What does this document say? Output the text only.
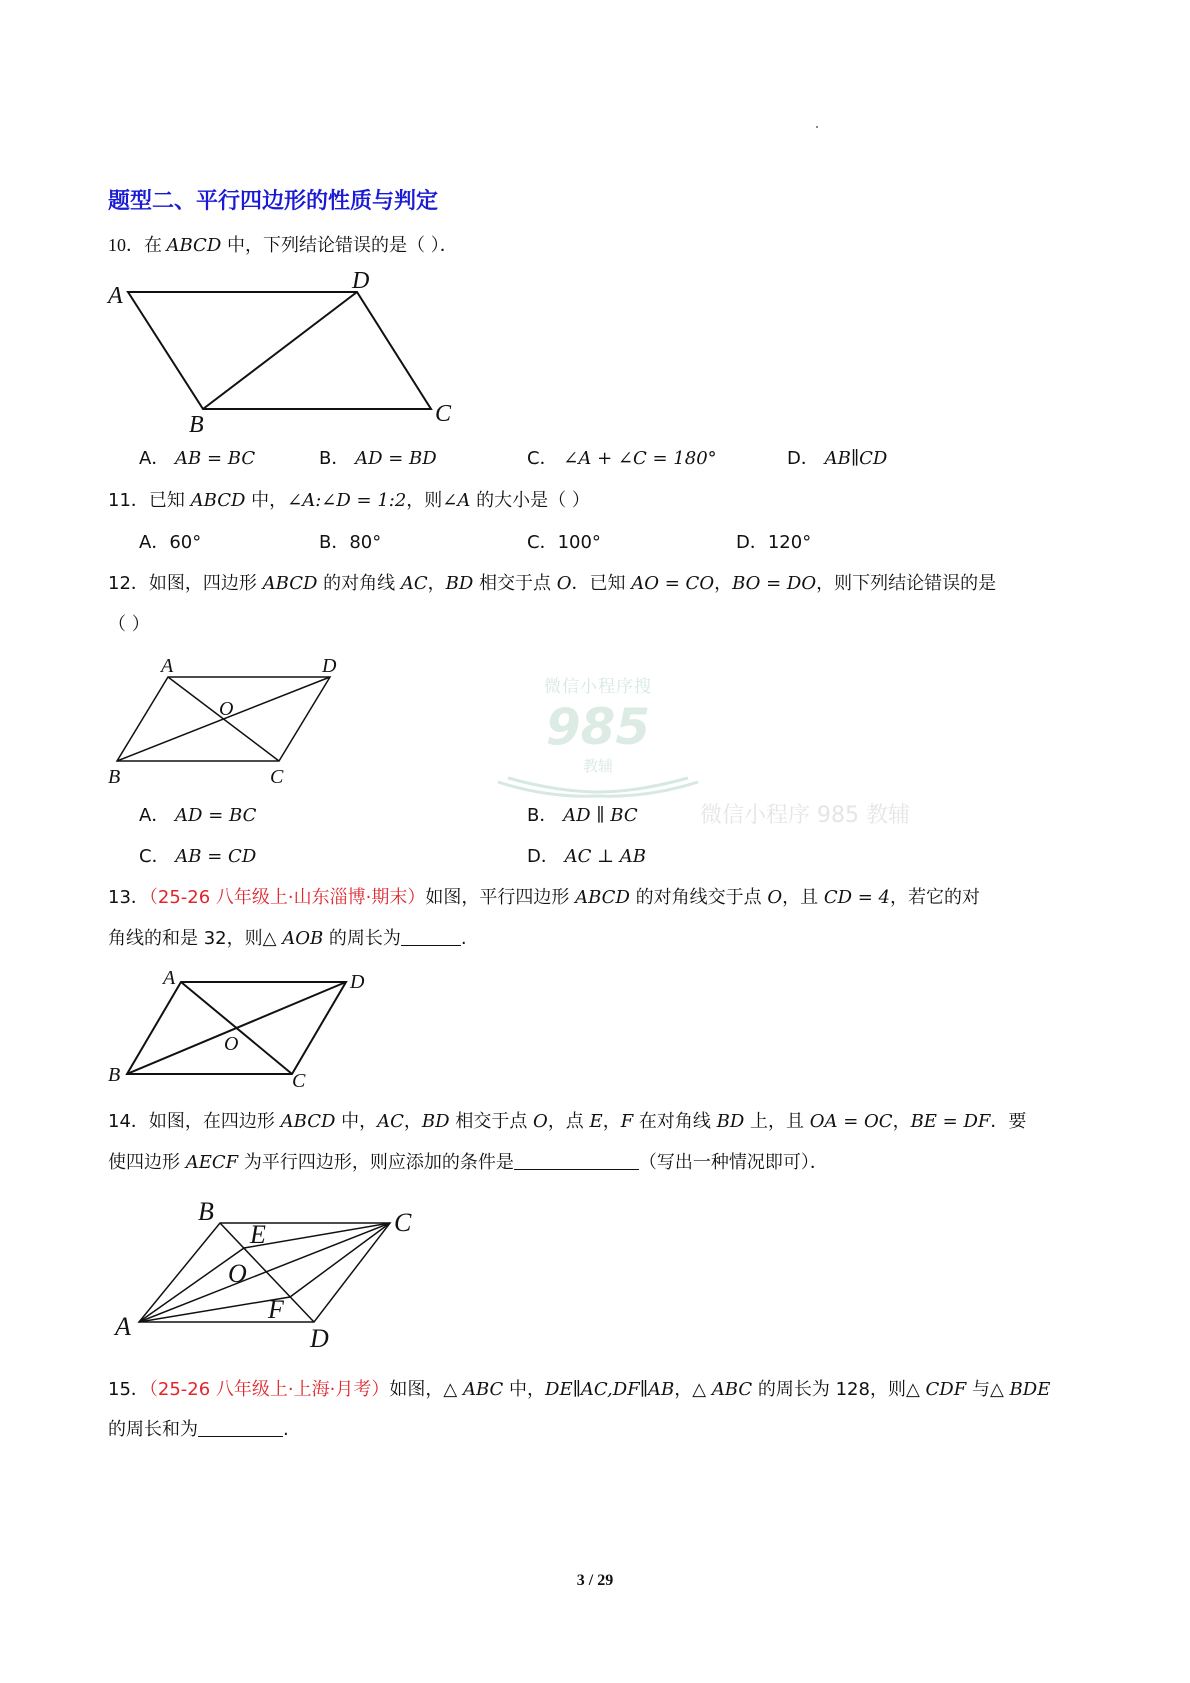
题型二、平行四边形的性质与判定
微信小程序搜
985
教辅
微信小程序 985 教辅
10．在 ABCD 中，下列结论错误的是（ ）．
A
D
B	C
A	D
B	C
O
A	D
B	C
O
B	C
A	D
E
O
F
A． AB = BC	B． AD = BD	C． ∠A + ∠C = 180°	D． AB∥CD
11．已知 ABCD 中，∠A:∠D = 1:2，则∠A 的大小是（ ）
A．60°	B．80°	C．100°	D．120°
12．如图，四边形 ABCD 的对角线 AC，BD 相交于点 O．已知 AO = CO，BO = DO，则下列结论错误的是
（ ）
A． AD = BC	B． AD ∥ BC
C． AB = CD	D． AC ⊥ AB
13．（25-26 八年级上·山东淄博·期末）如图，平行四边形 ABCD 的对角线交于点 O，且 CD = 4，若它的对
角线的和是 32，则△ AOB 的周长为	.
14．如图，在四边形 ABCD 中，AC，BD 相交于点 O，点 E，F 在对角线 BD 上，且 OA = OC，BE = DF．要
使四边形 AECF 为平行四边形，则应添加的条件是	（写出一种情况即可）．
15．（25-26 八年级上·上海·月考）如图，△ ABC 中，DE∥AC,DF∥AB，△ ABC 的周长为 128，则△ CDF 与△ BDE
的周长和为	.
3 / 29
